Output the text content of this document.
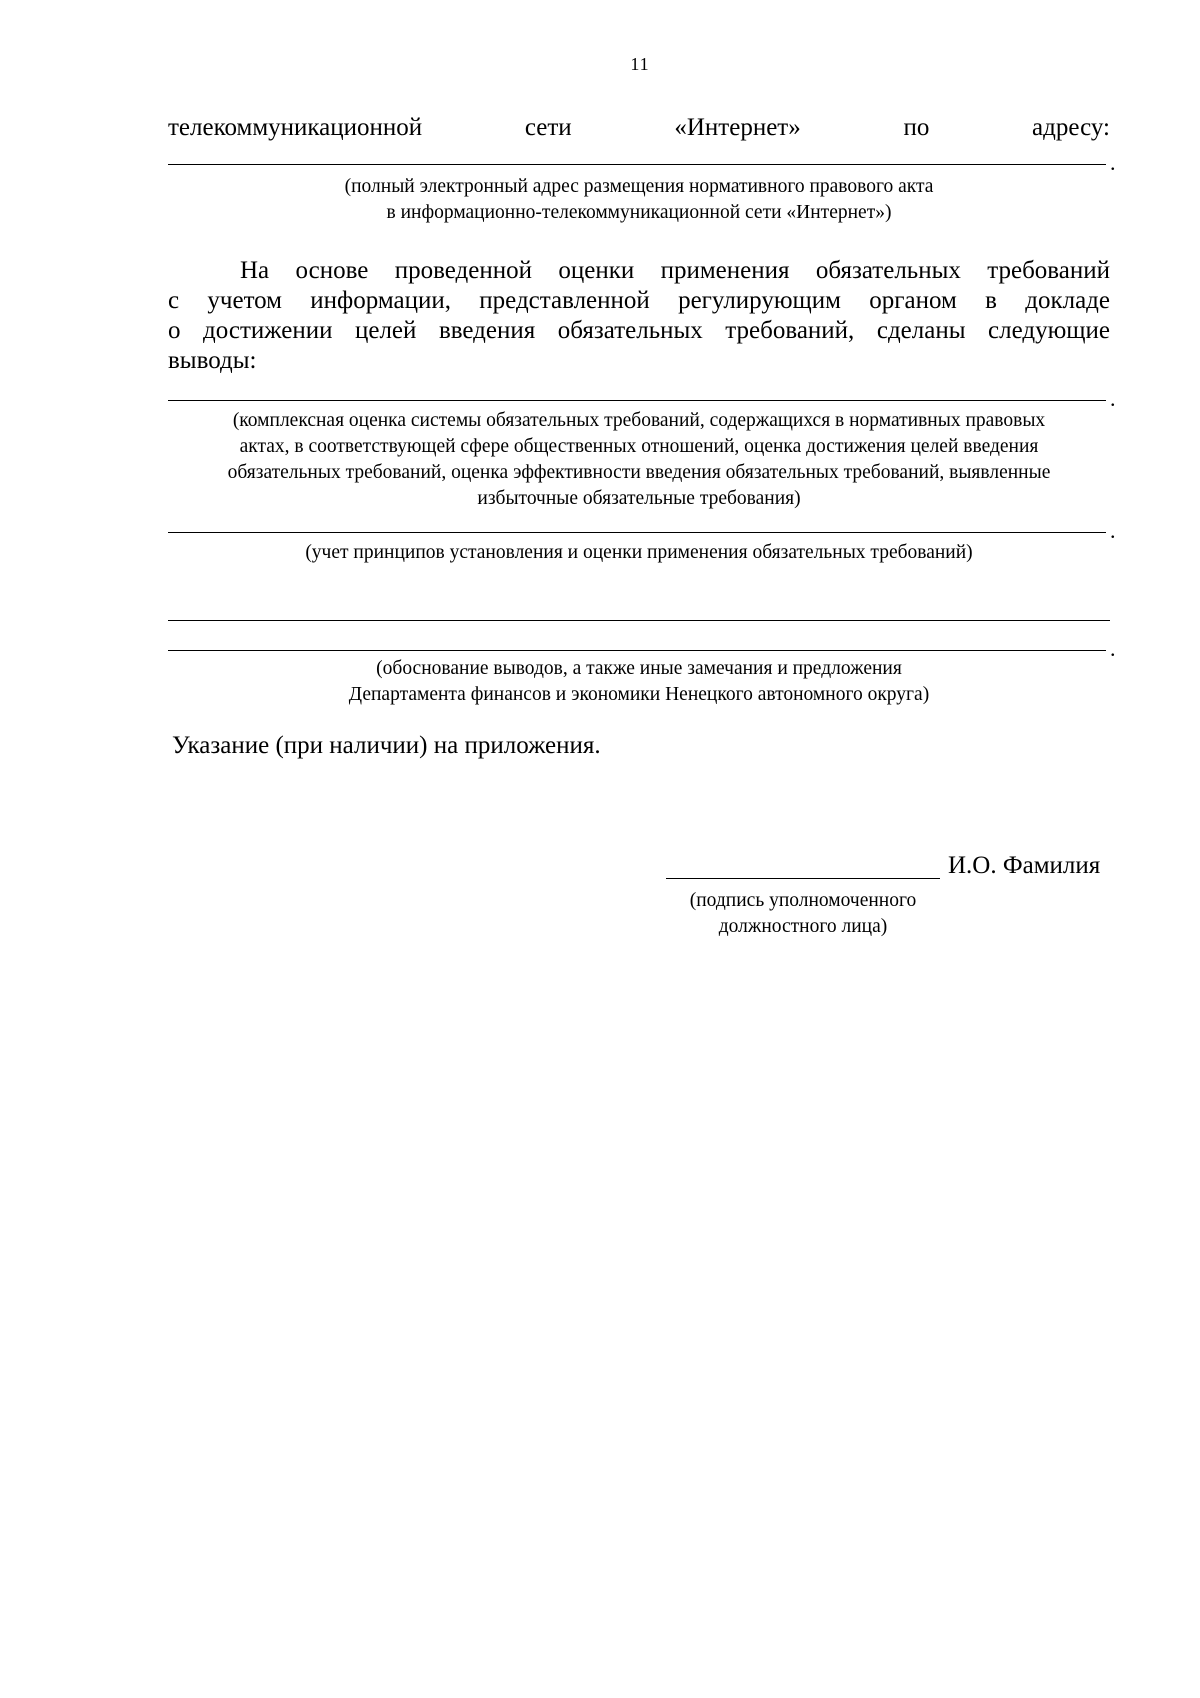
11
телекоммуникационной	сети	«Интернет»	по	адресу:
.
(полный электронный адрес размещения нормативного правового акта
в информационно-телекоммуникационной сети «Интернет»)
На основе проведенной оценки применения обязательных требований
с учетом информации, представленной регулирующим органом в докладе
о достижении целей введения обязательных требований, сделаны следующие
выводы:
.
(комплексная оценка системы обязательных требований, содержащихся в нормативных правовых
актах, в соответствующей сфере общественных отношений, оценка достижения целей введения
обязательных требований, оценка эффективности введения обязательных требований, выявленные
избыточные обязательные требования)
.
(учет принципов установления и оценки применения обязательных требований)
.
(обоснование выводов, а также иные замечания и предложения
Департамента финансов и экономики Ненецкого автономного округа)
Указание (при наличии) на приложения.
И.О. Фамилия
(подпись уполномоченного
должностного лица)
